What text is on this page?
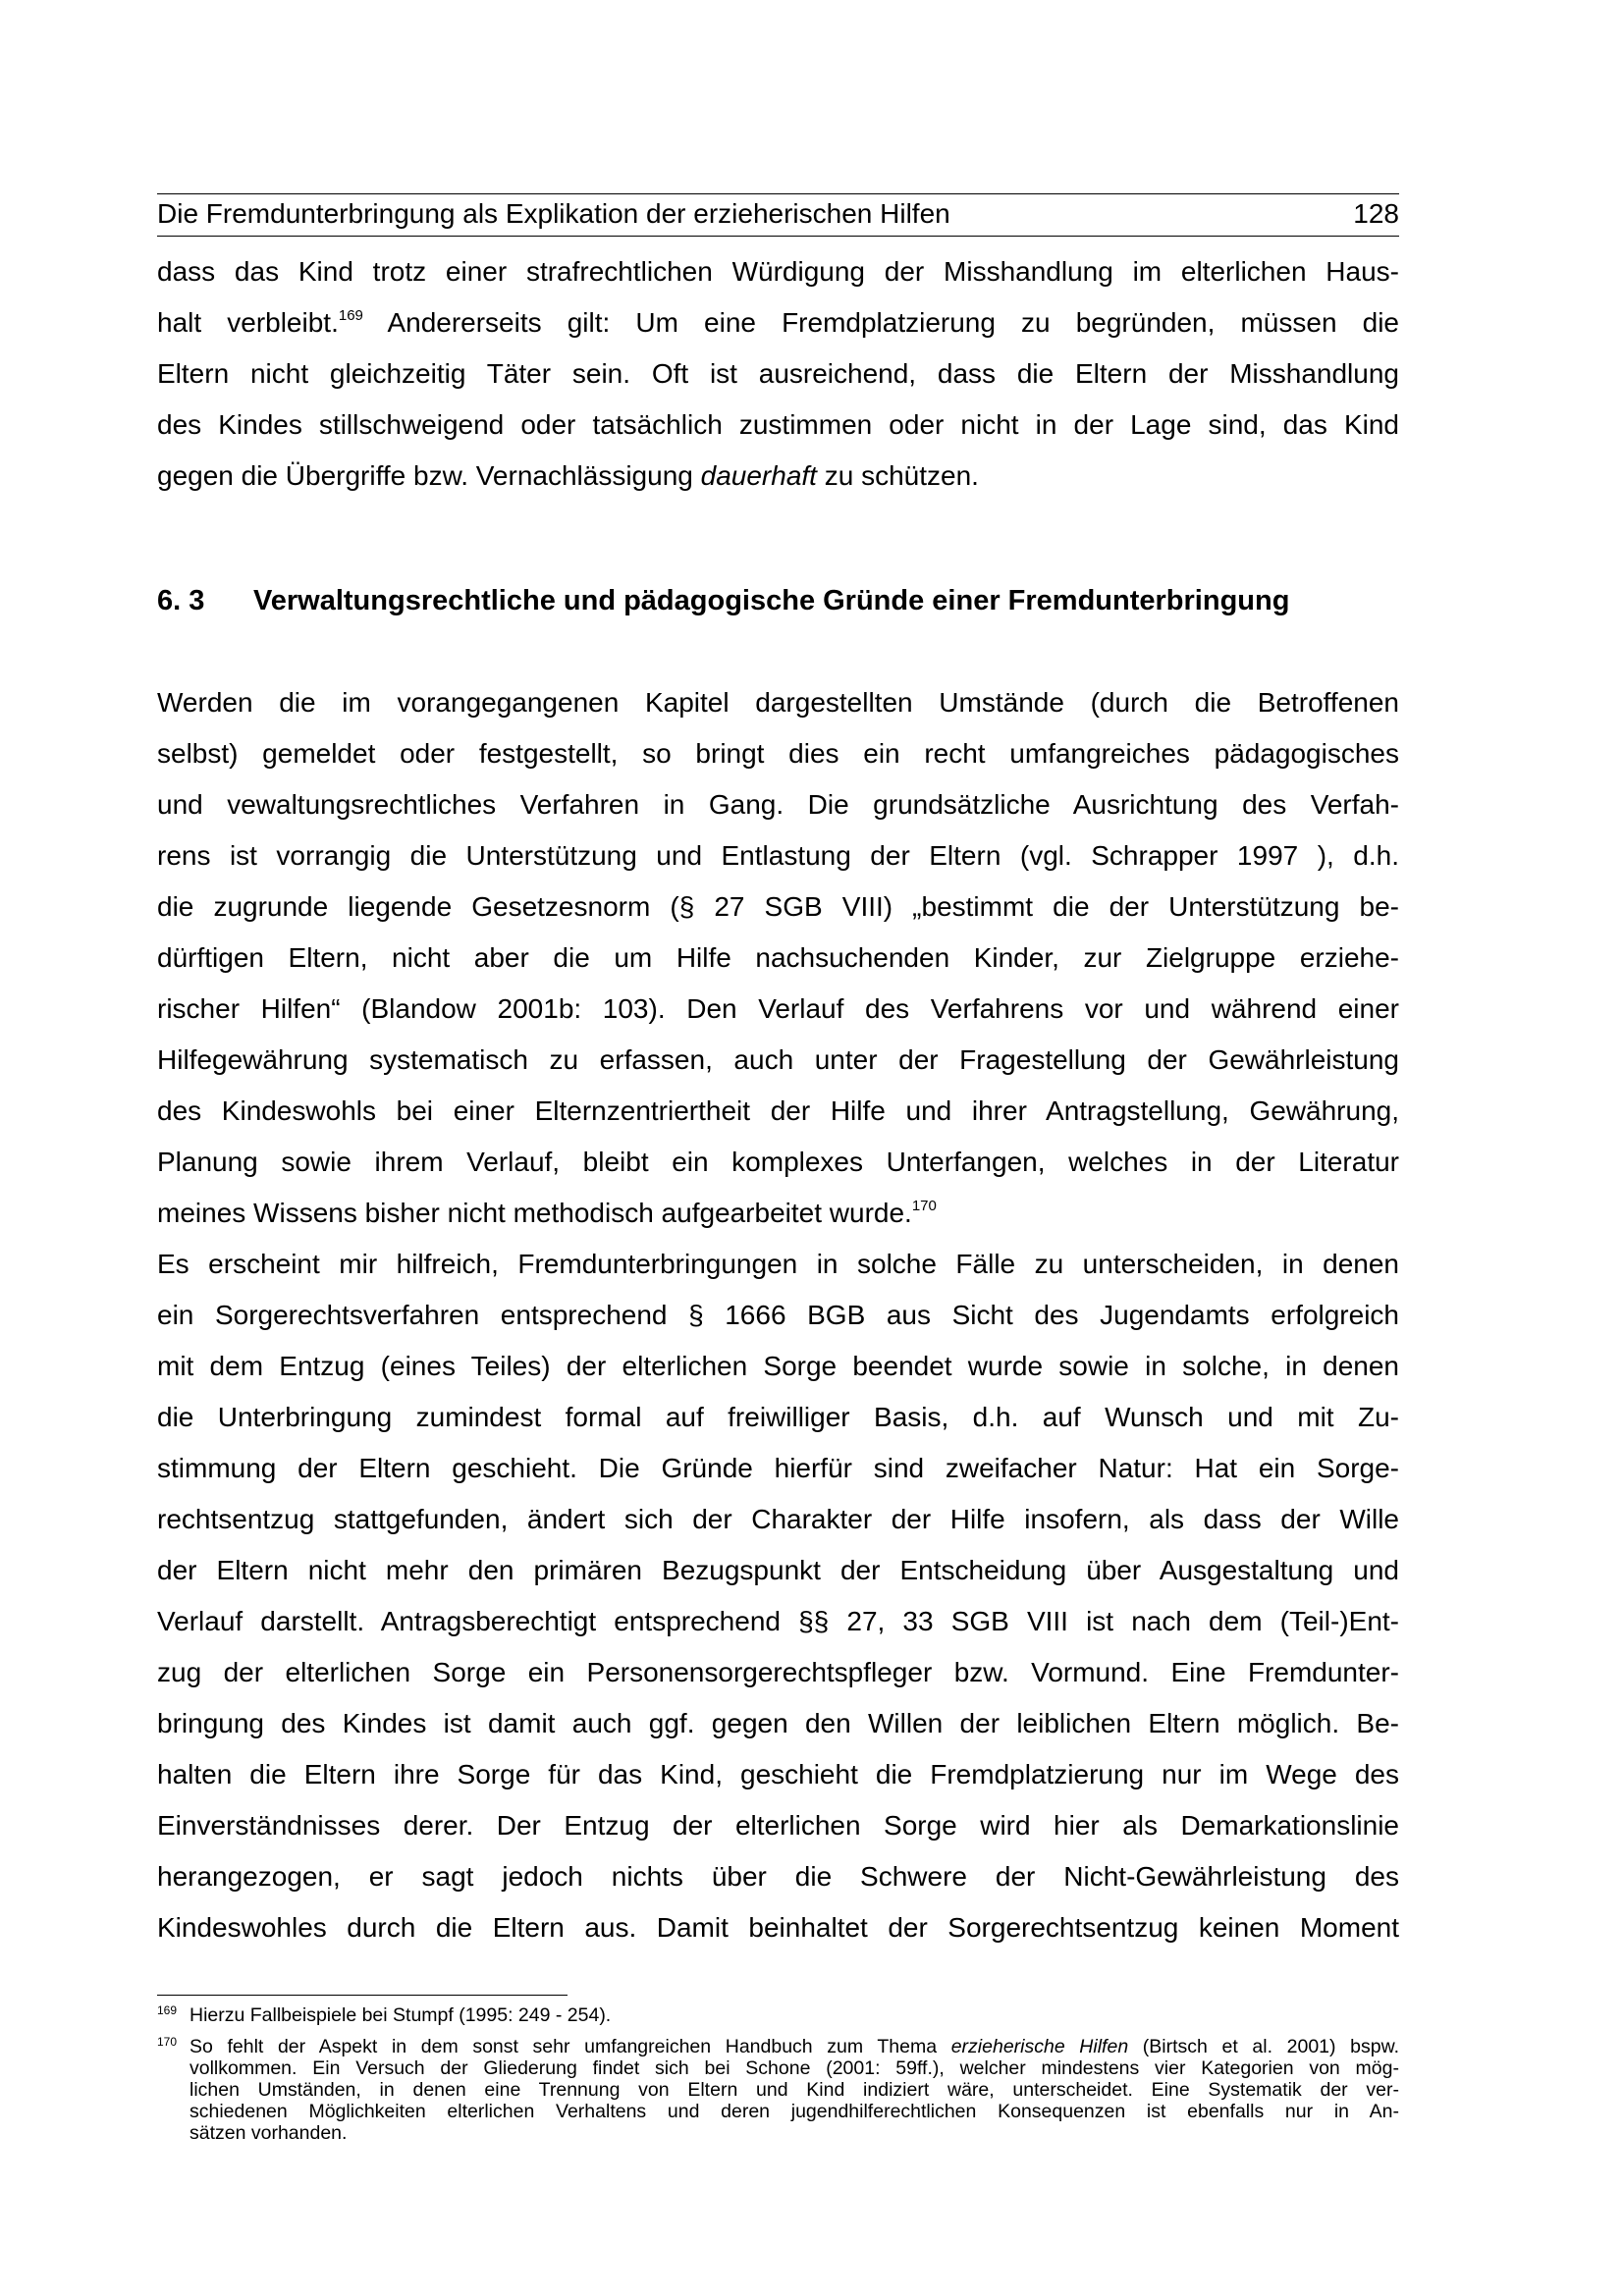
Die Fremdunterbringung als Explikation der erzieherischen Hilfen	128
dass das Kind trotz einer strafrechtlichen Würdigung der Misshandlung im elterlichen Haus-
halt verbleibt.$^{169}$ Andererseits gilt: Um eine Fremdplatzierung zu begründen, müssen die
Eltern nicht gleichzeitig Täter sein. Oft ist ausreichend, dass die Eltern der Misshandlung
des Kindes stillschweigend oder tatsächlich zustimmen oder nicht in der Lage sind, das Kind
gegen die Übergriffe bzw. Vernachlässigung dauerhaft zu schützen.
6. 3 Verwaltungsrechtliche und pädagogische Gründe einer Fremdunterbringung
Werden die im vorangegangenen Kapitel dargestellten Umstände (durch die Betroffenen
selbst) gemeldet oder festgestellt, so bringt dies ein recht umfangreiches pädagogisches
und vewaltungsrechtliches Verfahren in Gang. Die grundsätzliche Ausrichtung des Verfah-
rens ist vorrangig die Unterstützung und Entlastung der Eltern (vgl. Schrapper 1997 ), d.h.
die zugrunde liegende Gesetzesnorm (§ 27 SGB VIII) „bestimmt die der Unterstützung be-
dürftigen Eltern, nicht aber die um Hilfe nachsuchenden Kinder, zur Zielgruppe erziehe-
rischer Hilfen“ (Blandow 2001b: 103). Den Verlauf des Verfahrens vor und während einer
Hilfegewährung systematisch zu erfassen, auch unter der Fragestellung der Gewährleistung
des Kindeswohls bei einer Elternzentriertheit der Hilfe und ihrer Antragstellung, Gewährung,
Planung sowie ihrem Verlauf, bleibt ein komplexes Unterfangen, welches in der Literatur
meines Wissens bisher nicht methodisch aufgearbeitet wurde.$^{170}$
Es erscheint mir hilfreich, Fremdunterbringungen in solche Fälle zu unterscheiden, in denen
ein Sorgerechtsverfahren entsprechend § 1666 BGB aus Sicht des Jugendamts erfolgreich
mit dem Entzug (eines Teiles) der elterlichen Sorge beendet wurde sowie in solche, in denen
die Unterbringung zumindest formal auf freiwilliger Basis, d.h. auf Wunsch und mit Zu-
stimmung der Eltern geschieht. Die Gründe hierfür sind zweifacher Natur: Hat ein Sorge-
rechtsentzug stattgefunden, ändert sich der Charakter der Hilfe insofern, als dass der Wille
der Eltern nicht mehr den primären Bezugspunkt der Entscheidung über Ausgestaltung und
Verlauf darstellt. Antragsberechtigt entsprechend §§ 27, 33 SGB VIII ist nach dem (Teil-)Ent-
zug der elterlichen Sorge ein Personensorgerechtspfleger bzw. Vormund. Eine Fremdunter-
bringung des Kindes ist damit auch ggf. gegen den Willen der leiblichen Eltern möglich. Be-
halten die Eltern ihre Sorge für das Kind, geschieht die Fremdplatzierung nur im Wege des
Einverständnisses derer. Der Entzug der elterlichen Sorge wird hier als Demarkationslinie
herangezogen, er sagt jedoch nichts über die Schwere der Nicht-Gewährleistung des
Kindeswohles durch die Eltern aus. Damit beinhaltet der Sorgerechtsentzug keinen Moment
169 Hierzu Fallbeispiele bei Stumpf (1995: 249 - 254).
170 So fehlt der Aspekt in dem sonst sehr umfangreichen Handbuch zum Thema erzieherische Hilfen (Birtsch et al. 2001) bspw.
vollkommen. Ein Versuch der Gliederung findet sich bei Schone (2001: 59ff.), welcher mindestens vier Kategorien von mög-
lichen Umständen, in denen eine Trennung von Eltern und Kind indiziert wäre, unterscheidet. Eine Systematik der ver-
schiedenen Möglichkeiten elterlichen Verhaltens und deren jugendhilferechtlichen Konsequenzen ist ebenfalls nur in An-
sätzen vorhanden.
